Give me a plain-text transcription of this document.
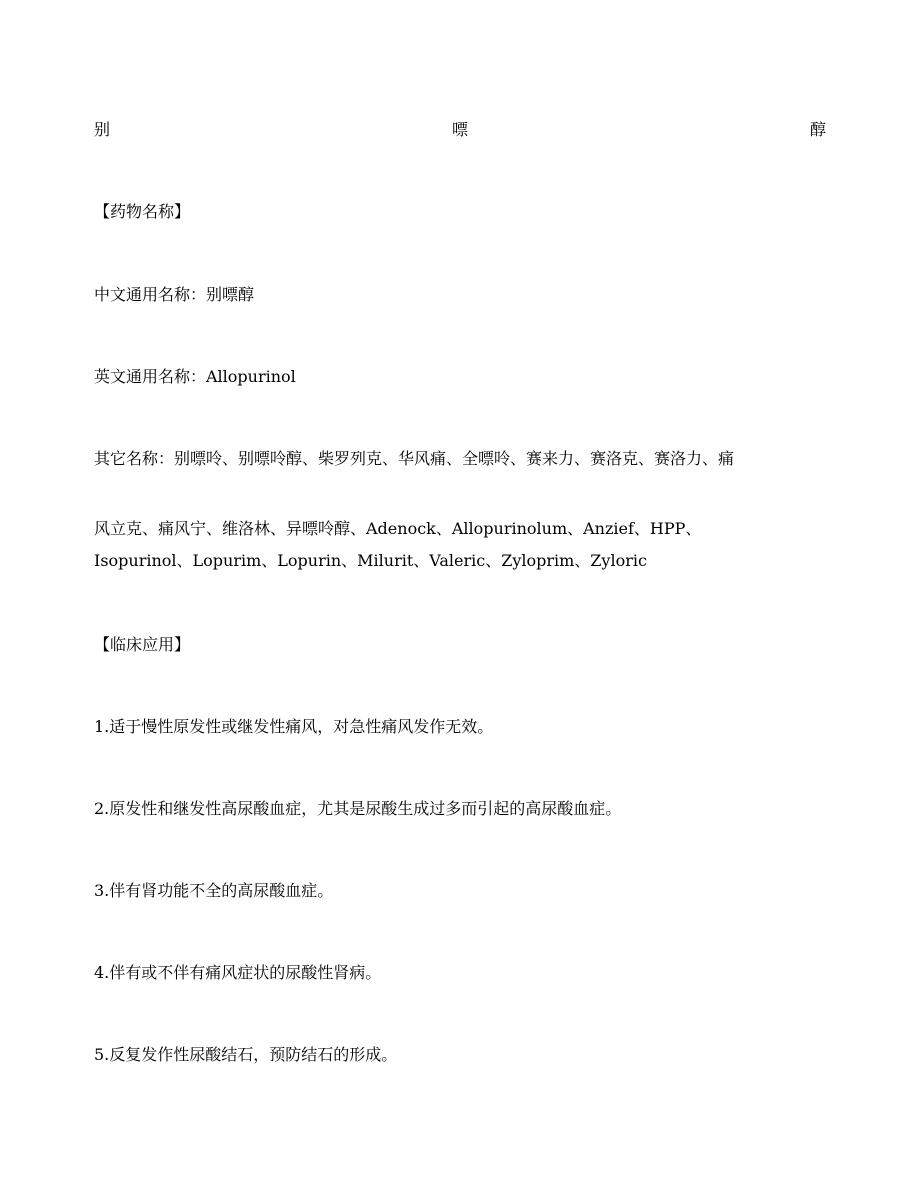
别	嘌	醇
【药物名称】
中文通用名称：别嘌醇
英文通用名称：Allopurinol
其它名称：别嘌呤、别嘌呤醇、柴罗列克、华风痛、全嘌呤、赛来力、赛洛克、赛洛力、痛
风立克、痛风宁、维洛林、异嘌呤醇、Adenock、Allopurinolum、Anzief、HPP、
Isopurinol、Lopurim、Lopurin、Milurit、Valeric、Zyloprim、Zyloric
【临床应用】
1.适于慢性原发性或继发性痛风，对急性痛风发作无效。
2.原发性和继发性高尿酸血症，尤其是尿酸生成过多而引起的高尿酸血症。
3.伴有肾功能不全的高尿酸血症。
4.伴有或不伴有痛风症状的尿酸性肾病。
5.反复发作性尿酸结石，预防结石的形成。
